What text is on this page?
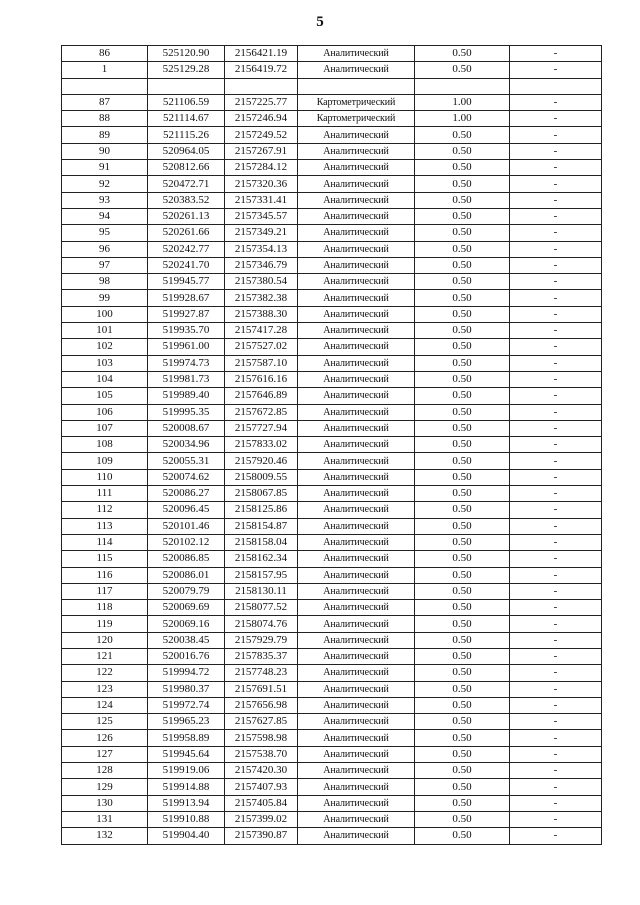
5
86	525120.90	2156421.19	Аналитический	0.50	-
1	525129.28	2156419.72	Аналитический	0.50	-

87	521106.59	2157225.77	Картометрический	1.00	-
88	521114.67	2157246.94	Картометрический	1.00	-
89	521115.26	2157249.52	Аналитический	0.50	-
90	520964.05	2157267.91	Аналитический	0.50	-
91	520812.66	2157284.12	Аналитический	0.50	-
92	520472.71	2157320.36	Аналитический	0.50	-
93	520383.52	2157331.41	Аналитический	0.50	-
94	520261.13	2157345.57	Аналитический	0.50	-
95	520261.66	2157349.21	Аналитический	0.50	-
96	520242.77	2157354.13	Аналитический	0.50	-
97	520241.70	2157346.79	Аналитический	0.50	-
98	519945.77	2157380.54	Аналитический	0.50	-
99	519928.67	2157382.38	Аналитический	0.50	-
100	519927.87	2157388.30	Аналитический	0.50	-
101	519935.70	2157417.28	Аналитический	0.50	-
102	519961.00	2157527.02	Аналитический	0.50	-
103	519974.73	2157587.10	Аналитический	0.50	-
104	519981.73	2157616.16	Аналитический	0.50	-
105	519989.40	2157646.89	Аналитический	0.50	-
106	519995.35	2157672.85	Аналитический	0.50	-
107	520008.67	2157727.94	Аналитический	0.50	-
108	520034.96	2157833.02	Аналитический	0.50	-
109	520055.31	2157920.46	Аналитический	0.50	-
110	520074.62	2158009.55	Аналитический	0.50	-
111	520086.27	2158067.85	Аналитический	0.50	-
112	520096.45	2158125.86	Аналитический	0.50	-
113	520101.46	2158154.87	Аналитический	0.50	-
114	520102.12	2158158.04	Аналитический	0.50	-
115	520086.85	2158162.34	Аналитический	0.50	-
116	520086.01	2158157.95	Аналитический	0.50	-
117	520079.79	2158130.11	Аналитический	0.50	-
118	520069.69	2158077.52	Аналитический	0.50	-
119	520069.16	2158074.76	Аналитический	0.50	-
120	520038.45	2157929.79	Аналитический	0.50	-
121	520016.76	2157835.37	Аналитический	0.50	-
122	519994.72	2157748.23	Аналитический	0.50	-
123	519980.37	2157691.51	Аналитический	0.50	-
124	519972.74	2157656.98	Аналитический	0.50	-
125	519965.23	2157627.85	Аналитический	0.50	-
126	519958.89	2157598.98	Аналитический	0.50	-
127	519945.64	2157538.70	Аналитический	0.50	-
128	519919.06	2157420.30	Аналитический	0.50	-
129	519914.88	2157407.93	Аналитический	0.50	-
130	519913.94	2157405.84	Аналитический	0.50	-
131	519910.88	2157399.02	Аналитический	0.50	-
132	519904.40	2157390.87	Аналитический	0.50	-
